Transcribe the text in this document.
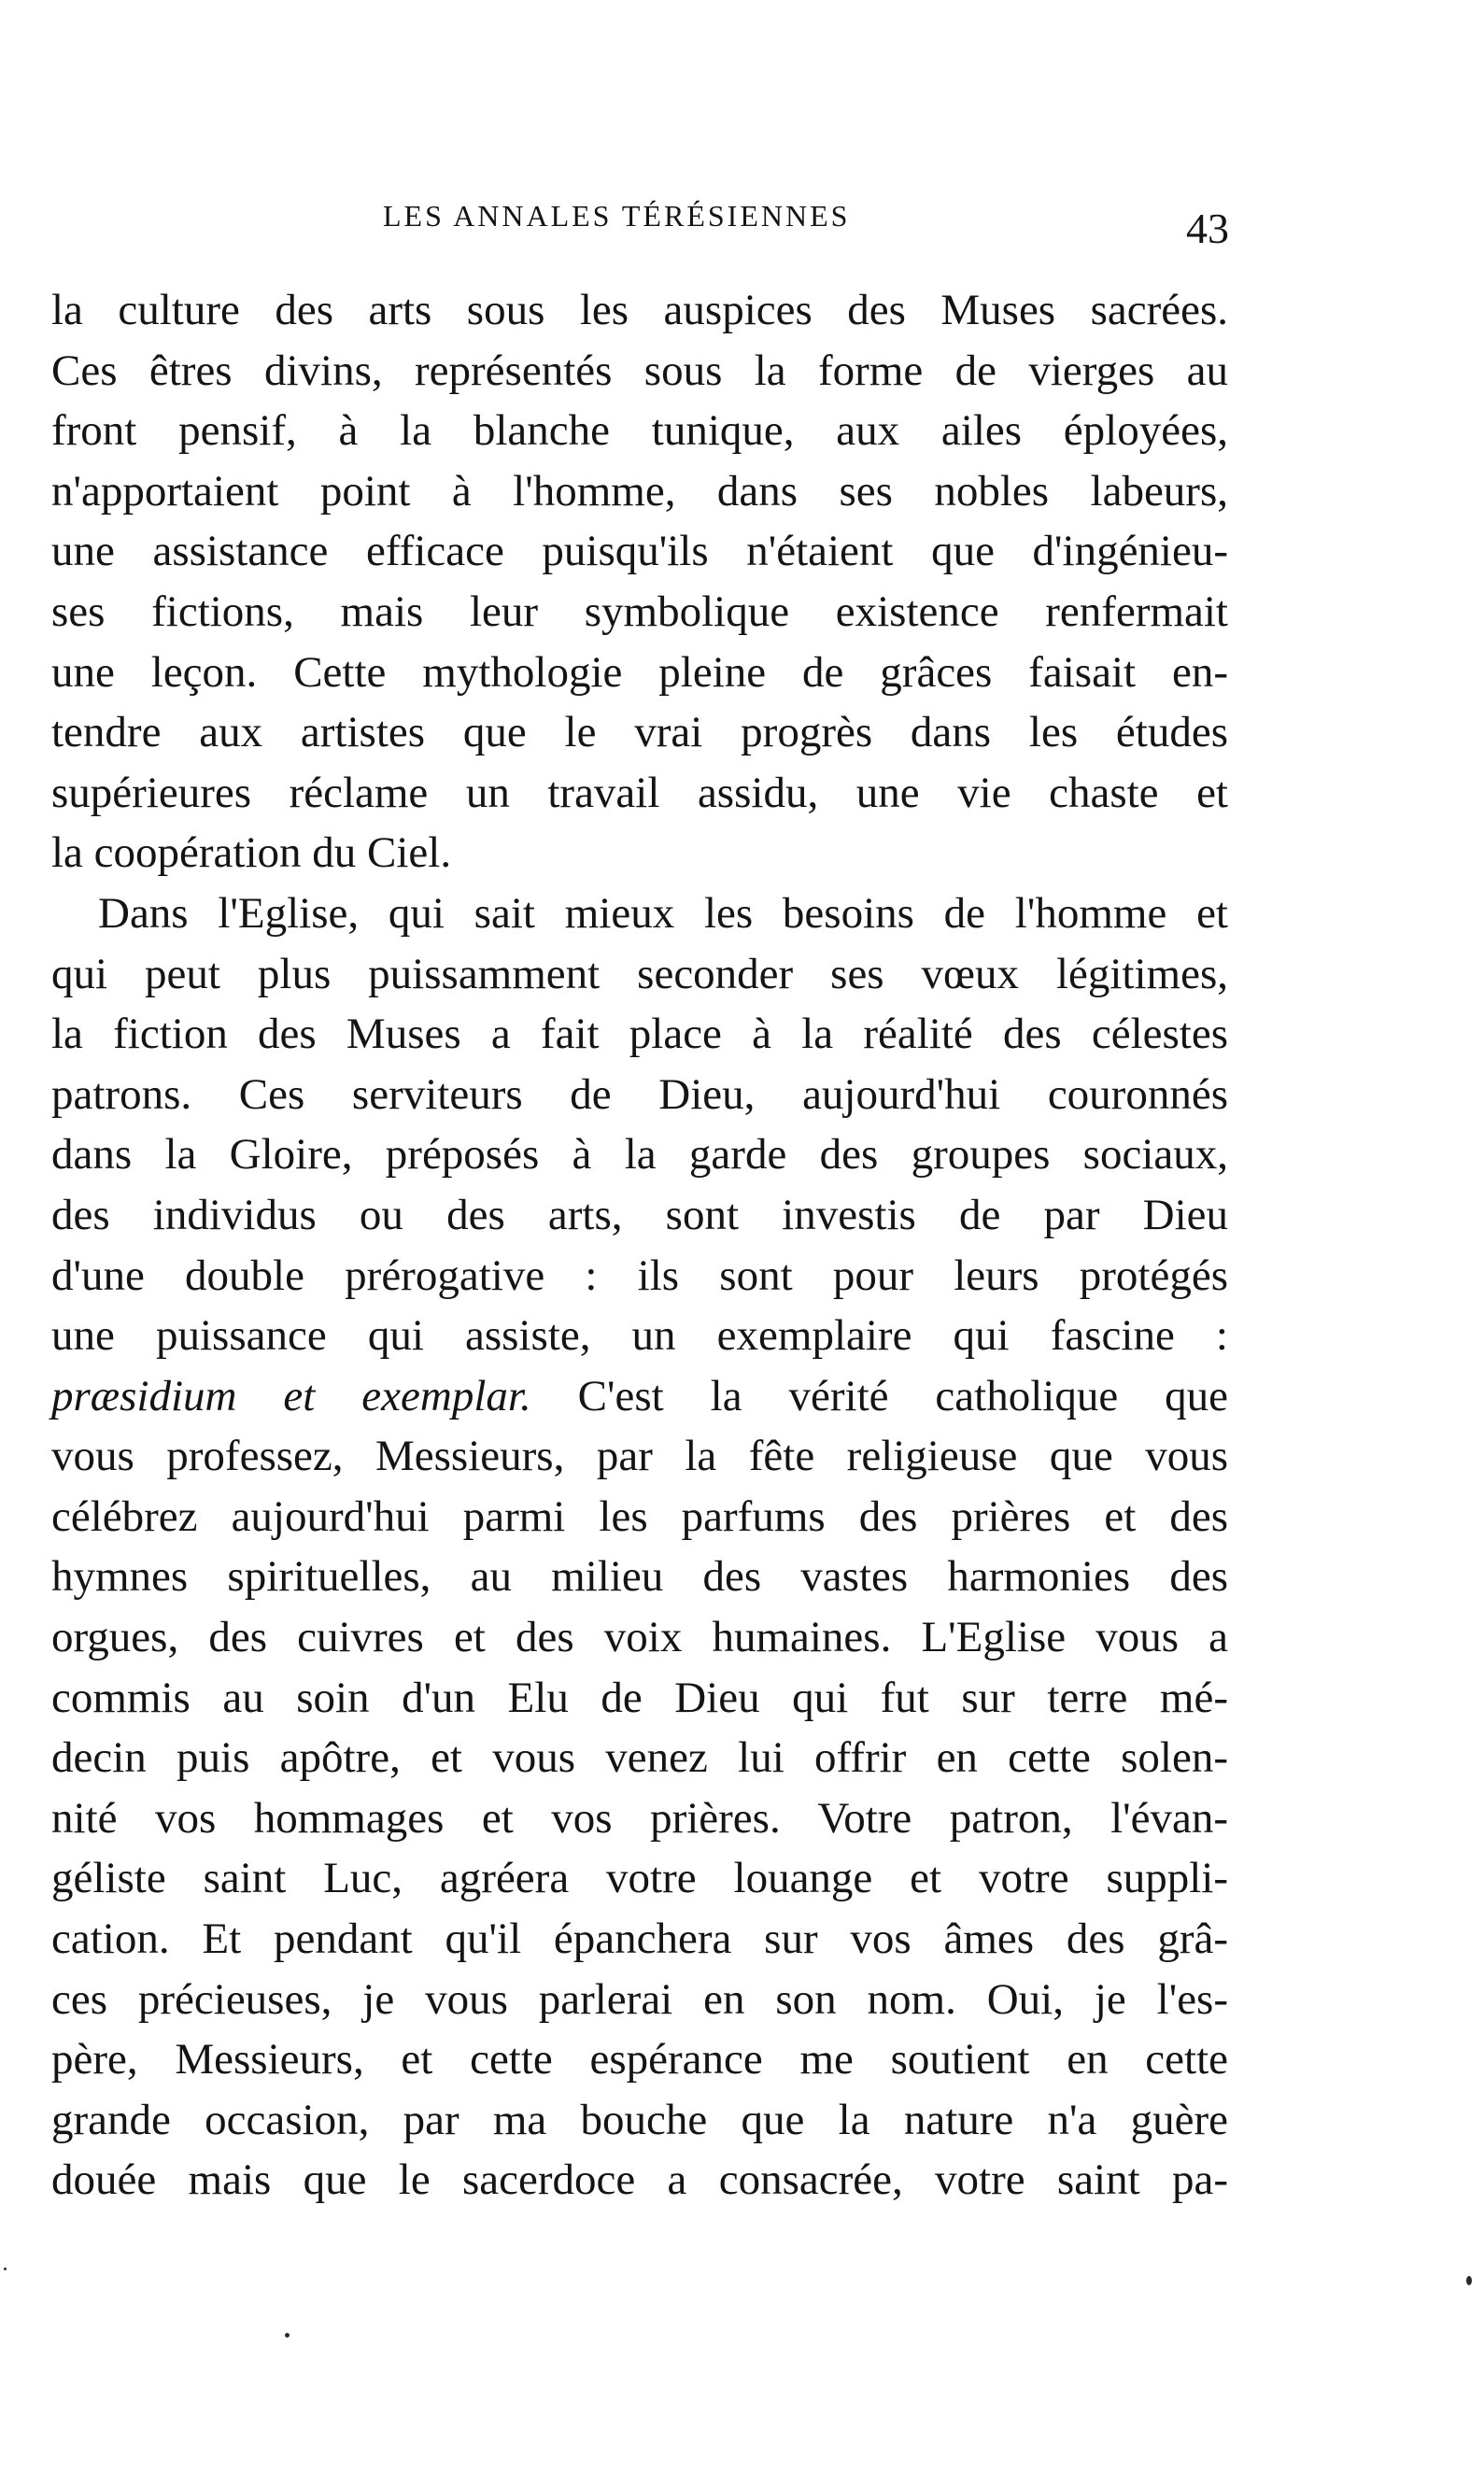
LES ANNALES TÉRÉSIENNES	43
la culture des arts sous les auspices des Muses sacrées.
Ces êtres divins, représentés sous la forme de vierges au
front pensif, à la blanche tunique, aux ailes éployées,
n'apportaient point à l'homme, dans ses nobles labeurs,
une assistance efficace puisqu'ils n'étaient que d'ingénieu-
ses fictions, mais leur symbolique existence renfermait
une leçon. Cette mythologie pleine de grâces faisait en-
tendre aux artistes que le vrai progrès dans les études
supérieures réclame un travail assidu, une vie chaste et
la coopération du Ciel.
Dans l'Eglise, qui sait mieux les besoins de l'homme et
qui peut plus puissamment seconder ses vœux légitimes,
la fiction des Muses a fait place à la réalité des célestes
patrons. Ces serviteurs de Dieu, aujourd'hui couronnés
dans la Gloire, préposés à la garde des groupes sociaux,
des individus ou des arts, sont investis de par Dieu
d'une double prérogative : ils sont pour leurs protégés
une puissance qui assiste, un exemplaire qui fascine :
præsidium et exemplar. C'est la vérité catholique que
vous professez, Messieurs, par la fête religieuse que vous
célébrez aujourd'hui parmi les parfums des prières et des
hymnes spirituelles, au milieu des vastes harmonies des
orgues, des cuivres et des voix humaines. L'Eglise vous a
commis au soin d'un Elu de Dieu qui fut sur terre mé-
decin puis apôtre, et vous venez lui offrir en cette solen-
nité vos hommages et vos prières. Votre patron, l'évan-
géliste saint Luc, agréera votre louange et votre suppli-
cation. Et pendant qu'il épanchera sur vos âmes des grâ-
ces précieuses, je vous parlerai en son nom. Oui, je l'es-
père, Messieurs, et cette espérance me soutient en cette
grande occasion, par ma bouche que la nature n'a guère
douée mais que le sacerdoce a consacrée, votre saint pa-
